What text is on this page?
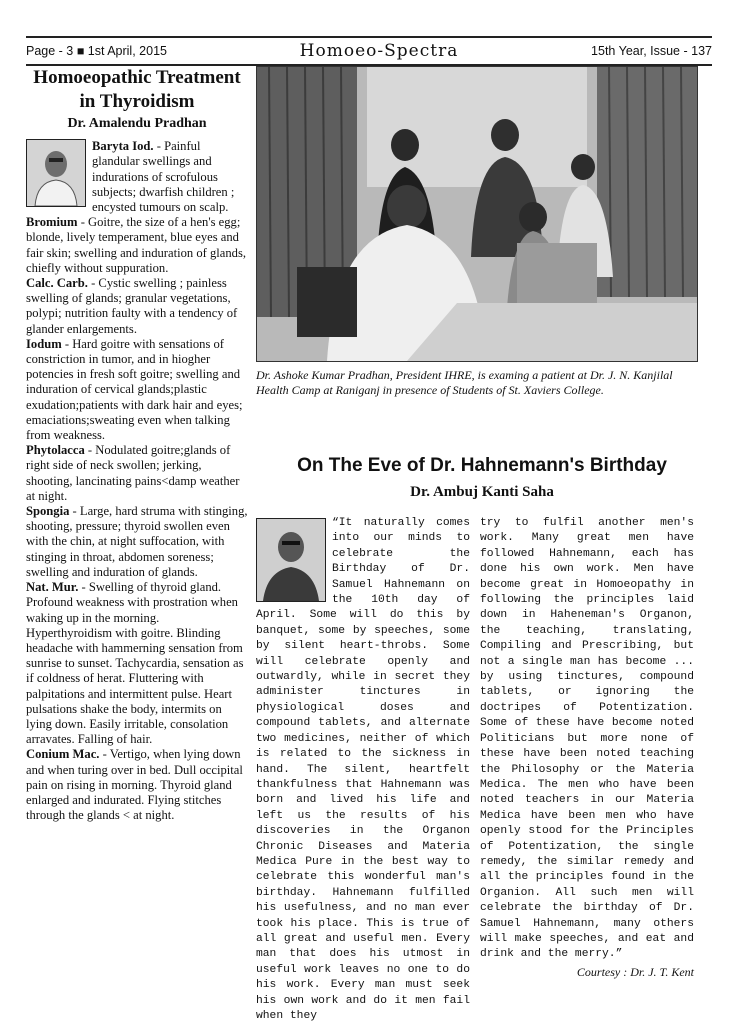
Page - 3 ■ 1st April, 2015	Homoeo-Spectra	15th Year, Issue - 137
Homoeopathic Treatment in Thyroidism
Dr. Amalendu Pradhan

Baryta Iod. - Painful glandular swellings and indurations of scrofulous subjects; dwarfish children ; encysted tumours on scalp.

Bromium - Goitre, the size of a hen's egg; blonde, lively temperament, blue eyes and fair skin; swelling and induration of glands, chiefly without suppuration.

Calc. Carb. - Cystic swelling ; painless swelling of glands; granular vegetations, polypi; nutrition faulty with a tendency of glander enlargements.

Iodum - Hard goitre with sensations of constriction in tumor, and in hiogher potencies in fresh soft goitre; swelling and induration of cervical glands;plastic exudation;patients with dark hair and eyes; emaciations;sweating even when talking from weakness.

Phytolacca - Nodulated goitre;glands of right side of neck swollen; jerking, shooting, lancinating pains<damp weather at night.

Spongia - Large, hard struma with stinging, shooting, pressure; thyroid swollen even with the chin, at night suffocation, with stinging in throat, abdomen soreness; swelling and induration of glands.

Nat. Mur. - Swelling of thyroid gland. Profound weakness with prostration when waking up in the morning. Hyperthyroidism with goitre. Blinding headache with hammerning sensation from sunrise to sunset. Tachycardia, sensation as if coldness of herat. Fluttering with palpitations and intermittent pulse. Heart pulsations shake the body, intermits on lying down. Easily irritable, consolation arravates. Falling of hair.

Conium Mac. - Vertigo, when lying down and when turing over in bed. Dull occipital pain on rising in morning. Thyroid gland enlarged and indurated. Flying stitches through the glands < at night.

Dr. Ashoke Kumar Pradhan, President IHRE, is examing a patient at Dr. J. N. Kanjilal Health Camp at Raniganj in presence of Students of St. Xaviers College.
On The Eve of Dr. Hahnemann's Birthday
Dr. Ambuj Kanti Saha

“It naturally comes into our minds to celebrate the Birthday of Dr. Samuel Hahnemann on the 10th day of April. Some will do this by banquet, some by speeches, some by silent heart-throbs. Some will celebrate openly and outwardly, while in secret they administer tinctures in physiological doses and compound tablets, and alternate two medicines, neither of which is related to the sickness in hand. The silent, heartfelt thankfulness that Hahnemann was born and lived his life and left us the results of his discoveries in the Organon Chronic Diseases and Materia Medica Pure in the best way to celebrate this wonderful man's birthday. Hahnemann fulfilled his usefulness, and no man ever took his place. This is true of all great and useful men. Every man that does his utmost in useful work leaves no one to do his work. Every man must seek his own work and do it men fail when they

try to fulfil another men's work. Many great men have followed Hahnemann, each has done his own work. Men have become great in Homoeopathy in following the principles laid down in Haheneman's Organon, the teaching, translating, Compiling and Prescribing, but not a single man has become ... by using tinctures, compound tablets, or ignoring the doctripes of Potentization. Some of these have become noted Politicians but more none of these have been noted teaching the Philosophy or the Materia Medica. The men who have been noted teachers in our Materia Medica have been men who have openly stood for the Principles of Potentization, the single remedy, the similar remedy and all the principles found in the Organion. All such men will celebrate the birthday of Dr. Samuel Hahnemann, many others will make speeches, and eat and drink and the merry.”

Courtesy : Dr. J. T. Kent
